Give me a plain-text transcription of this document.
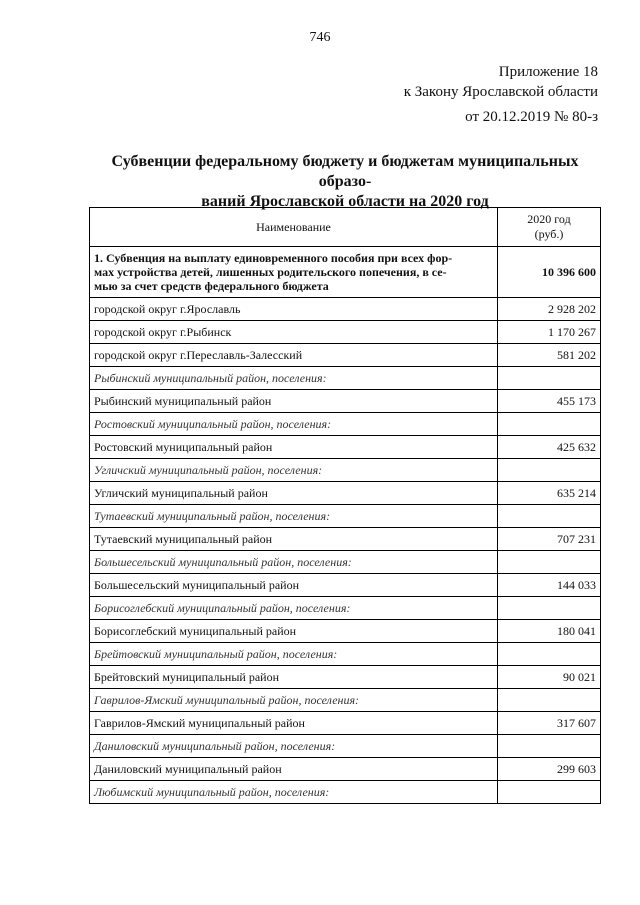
746
Приложение 18
к Закону Ярославской области
от 20.12.2019 № 80-з
Субвенции федеральному бюджету и бюджетам муниципальных образо-
ваний Ярославской области на 2020 год
Наименование	2020 год
(руб.)

1. Субвенция на выплату единовременного пособия при всех фор-
мах устройства детей, лишенных родительского попечения, в се-
мью за счет средств федерального бюджета	10 396 600
городской округ г.Ярославль	2 928 202
городской округ г.Рыбинск	1 170 267
городской округ г.Переславль-Залесский	581 202
Рыбинский муниципальный район, поселения:	
Рыбинский муниципальный район	455 173
Ростовский муниципальный район, поселения:	
Ростовский муниципальный район	425 632
Угличский муниципальный район, поселения:	
Угличский муниципальный район	635 214
Тутаевский муниципальный район, поселения:	
Тутаевский муниципальный район	707 231
Большесельский муниципальный район, поселения:	
Большесельский муниципальный район	144 033
Борисоглебский муниципальный район, поселения:	
Борисоглебский муниципальный район	180 041
Брейтовский муниципальный район, поселения:	
Брейтовский муниципальный район	90 021
Гаврилов-Ямский муниципальный район, поселения:	
Гаврилов-Ямский муниципальный район	317 607
Даниловский муниципальный район, поселения:	
Даниловский муниципальный район	299 603
Любимский муниципальный район, поселения:	
